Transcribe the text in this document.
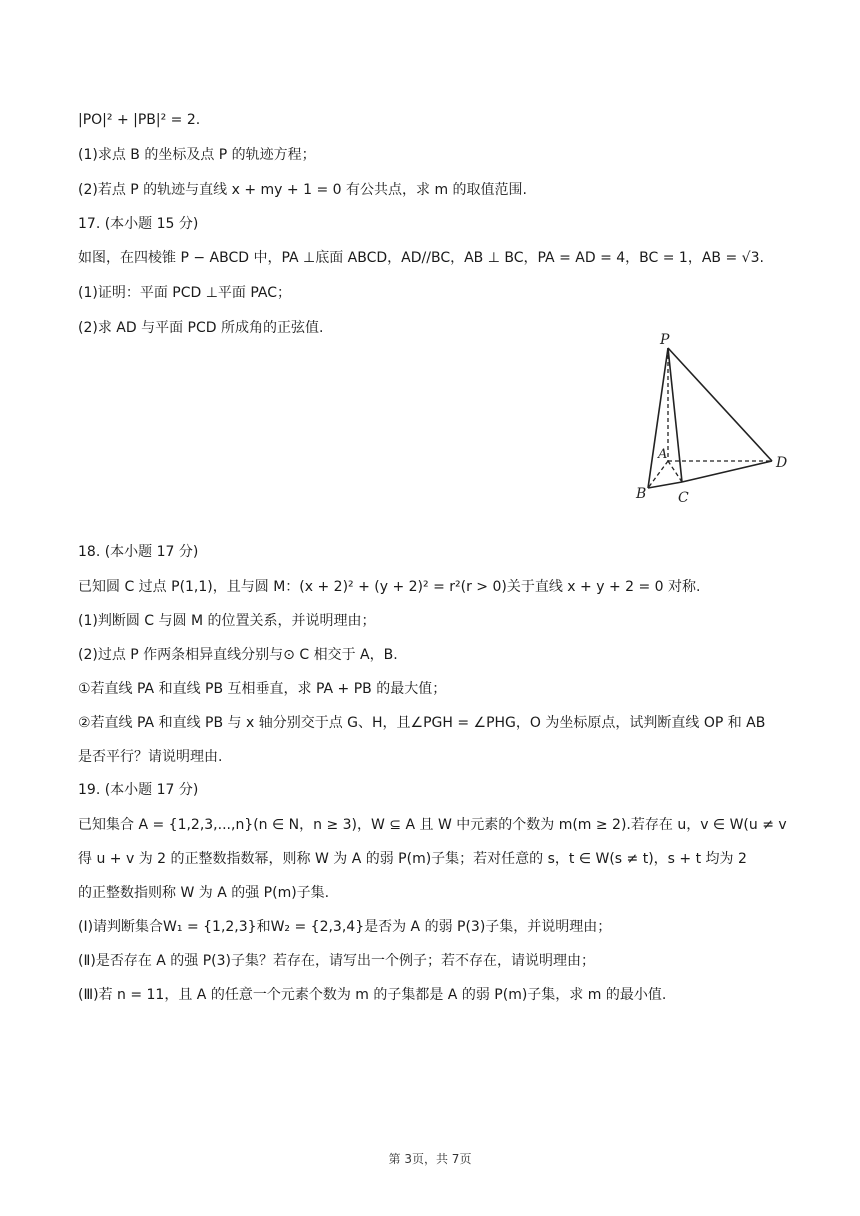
|PO|² + |PB|² = 2.
(1)求点 B 的坐标及点 P 的轨迹方程；
(2)若点 P 的轨迹与直线 x + my + 1 = 0 有公共点，求 m 的取值范围.
17. (本小题 15 分)
如图，在四棱锥 P − ABCD 中，PA ⊥底面 ABCD，AD//BC，AB ⊥ BC，PA = AD = 4，BC = 1，AB = √3.
(1)证明：平面 PCD ⊥平面 PAC；
(2)求 AD 与平面 PCD 所成角的正弦值.
P
A
B C
D
18. (本小题 17 分)
已知圆 C 过点 P(1,1)，且与圆 M：(x + 2)² + (y + 2)² = r²(r > 0)关于直线 x + y + 2 = 0 对称.
(1)判断圆 C 与圆 M 的位置关系，并说明理由；
(2)过点 P 作两条相异直线分别与⊙ C 相交于 A，B.
①若直线 PA 和直线 PB 互相垂直，求 PA + PB 的最大值；
②若直线 PA 和直线 PB 与 x 轴分别交于点 G、H，且∠PGH = ∠PHG，O 为坐标原点，试判断直线 OP 和 AB
是否平行？请说明理由.
19. (本小题 17 分)
已知集合 A = {1,2,3,...,n}(n ∈ N，n ≥ 3)，W ⊆ A 且 W 中元素的个数为 m(m ≥ 2).若存在 u，v ∈ W(u ≠ v
得 u + v 为 2 的正整数指数幂，则称 W 为 A 的弱 P(m)子集；若对任意的 s，t ∈ W(s ≠ t)，s + t 均为 2
的正整数指则称 W 为 A 的强 P(m)子集.
(Ⅰ)请判断集合W₁ = {1,2,3}和W₂ = {2,3,4}是否为 A 的弱 P(3)子集，并说明理由；
(Ⅱ)是否存在 A 的强 P(3)子集？若存在，请写出一个例子；若不存在，请说明理由；
(Ⅲ)若 n = 11，且 A 的任意一个元素个数为 m 的子集都是 A 的弱 P(m)子集，求 m 的最小值.
第 3页，共 7页
